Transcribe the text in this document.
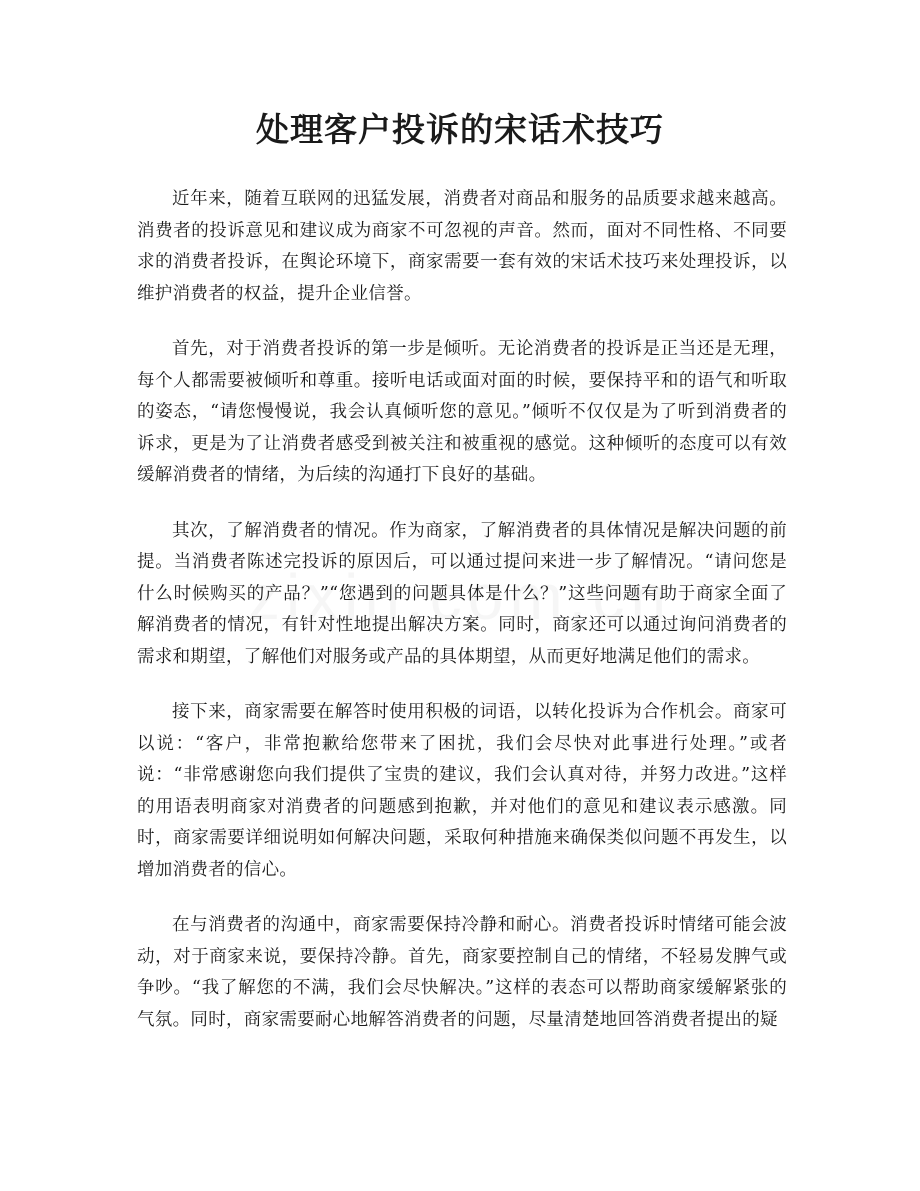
处理客户投诉的宋话术技巧

近年来，随着互联网的迅猛发展，消费者对商品和服务的品质要求越来越高。消费者的投诉意见和建议成为商家不可忽视的声音。然而，面对不同性格、不同要求的消费者投诉，在舆论环境下，商家需要一套有效的宋话术技巧来处理投诉，以维护消费者的权益，提升企业信誉。

首先，对于消费者投诉的第一步是倾听。无论消费者的投诉是正当还是无理，每个人都需要被倾听和尊重。接听电话或面对面的时候，要保持平和的语气和听取的姿态，“请您慢慢说，我会认真倾听您的意见。”倾听不仅仅是为了听到消费者的诉求，更是为了让消费者感受到被关注和被重视的感觉。这种倾听的态度可以有效缓解消费者的情绪，为后续的沟通打下良好的基础。

其次，了解消费者的情况。作为商家，了解消费者的具体情况是解决问题的前提。当消费者陈述完投诉的原因后，可以通过提问来进一步了解情况。“请问您是什么时候购买的产品？”“您遇到的问题具体是什么？”这些问题有助于商家全面了解消费者的情况，有针对性地提出解决方案。同时，商家还可以通过询问消费者的需求和期望，了解他们对服务或产品的具体期望，从而更好地满足他们的需求。

接下来，商家需要在解答时使用积极的词语，以转化投诉为合作机会。商家可以说：“客户，非常抱歉给您带来了困扰，我们会尽快对此事进行处理。”或者说：“非常感谢您向我们提供了宝贵的建议，我们会认真对待，并努力改进。”这样的用语表明商家对消费者的问题感到抱歉，并对他们的意见和建议表示感激。同时，商家需要详细说明如何解决问题，采取何种措施来确保类似问题不再发生，以增加消费者的信心。

在与消费者的沟通中，商家需要保持冷静和耐心。消费者投诉时情绪可能会波动，对于商家来说，要保持冷静。首先，商家要控制自己的情绪，不轻易发脾气或争吵。“我了解您的不满，我们会尽快解决。”这样的表态可以帮助商家缓解紧张的气氛。同时，商家需要耐心地解答消费者的问题，尽量清楚地回答消费者提出的疑
